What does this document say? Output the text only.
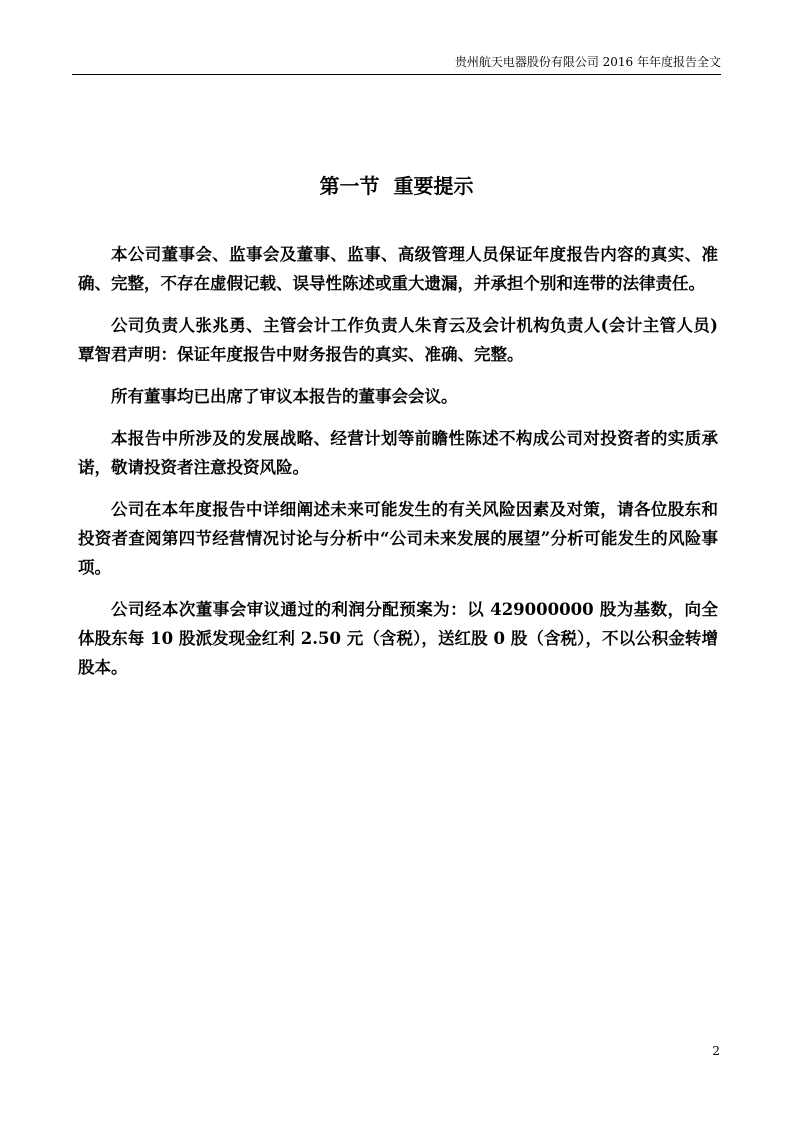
贵州航天电器股份有限公司 2016 年年度报告全文
第一节  重要提示

本公司董事会、监事会及董事、监事、高级管理人员保证年度报告内容的真实、准确、完整，不存在虚假记载、误导性陈述或重大遗漏，并承担个别和连带的法律责任。

公司负责人张兆勇、主管会计工作负责人朱育云及会计机构负责人(会计主管人员)覃智君声明：保证年度报告中财务报告的真实、准确、完整。

所有董事均已出席了审议本报告的董事会会议。

本报告中所涉及的发展战略、经营计划等前瞻性陈述不构成公司对投资者的实质承诺，敬请投资者注意投资风险。

公司在本年度报告中详细阐述未来可能发生的有关风险因素及对策，请各位股东和投资者查阅第四节经营情况讨论与分析中“公司未来发展的展望”分析可能发生的风险事项。

公司经本次董事会审议通过的利润分配预案为：以 429000000 股为基数，向全体股东每 10 股派发现金红利 2.50 元（含税），送红股 0 股（含税），不以公积金转增股本。

2
